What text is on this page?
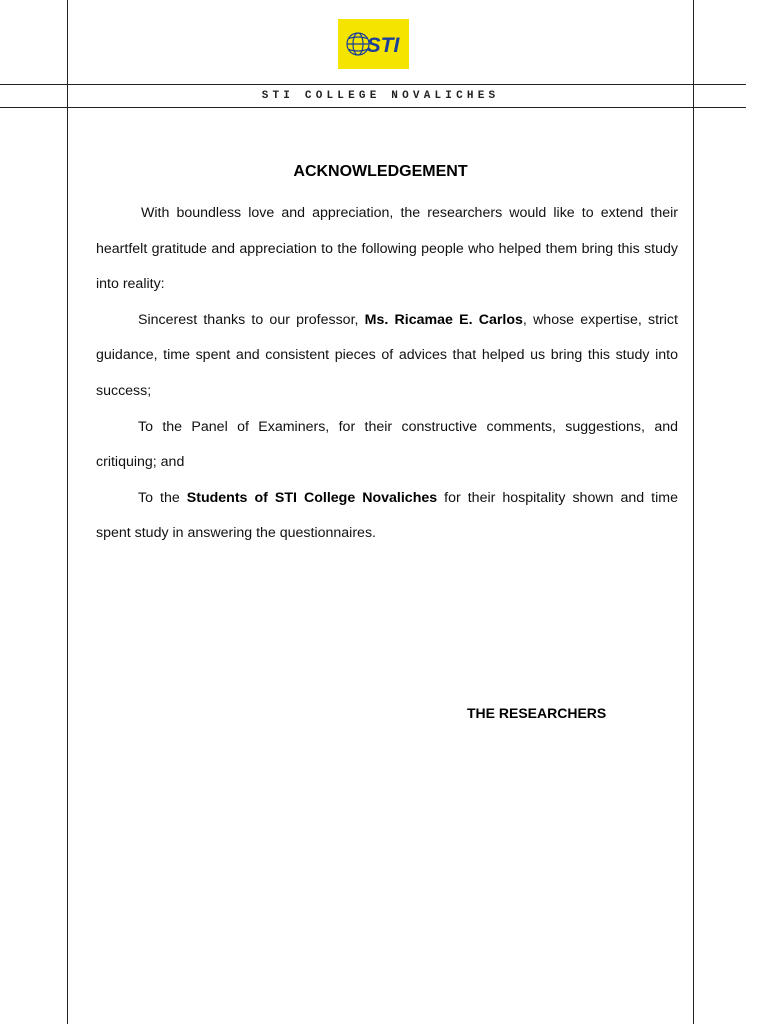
STI
STI COLLEGE NOVALICHES
ACKNOWLEDGEMENT

With boundless love and appreciation, the researchers would like to extend their heartfelt gratitude and appreciation to the following people who helped them bring this study into reality:

Sincerest thanks to our professor, Ms. Ricamae E. Carlos, whose expertise, strict guidance, time spent and consistent pieces of advices that helped us bring this study into success;

To the Panel of Examiners, for their constructive comments, suggestions, and critiquing; and

To the Students of STI College Novaliches for their hospitality shown and time spent study in answering the questionnaires.

THE RESEARCHERS
